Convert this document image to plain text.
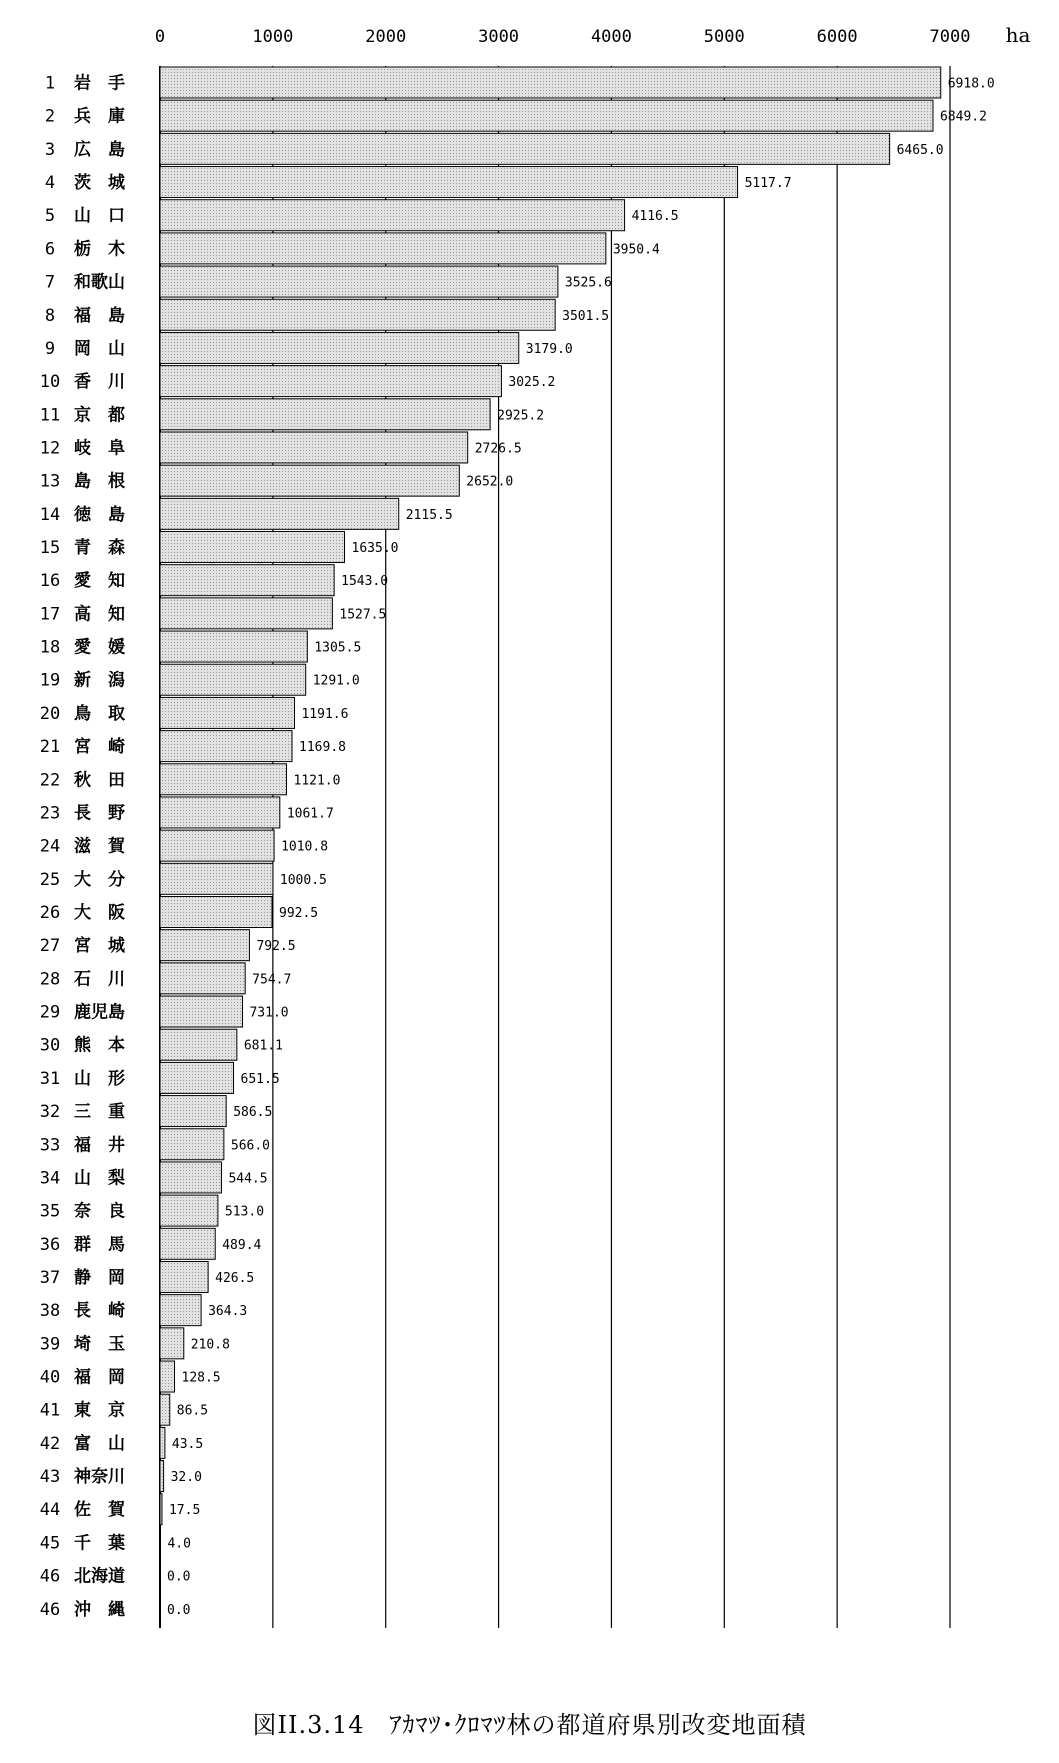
0	1000	2000	3000	4000	5000	6000	7000 ha
1 岩　手	6918.0
2 兵　庫	6849.2
3 広　島	6465.0
4 茨　城	5117.7
5 山　口	4116.5
6 栃　木	3950.4
7 和歌山	3525.6
8 福　島	3501.5
9 岡　山	3179.0
10 香　川	3025.2
11 京　都	2925.2
12 岐　阜	2726.5
13 島　根	2652.0
14 徳　島	2115.5
15 青　森	1635.0
16 愛　知	1543.0
17 高　知	1527.5
18 愛　媛	1305.5
19 新　潟	1291.0
20 鳥　取	1191.6
21 宮　崎	1169.8
22 秋　田	1121.0
23 長　野	1061.7
24 滋　賀	1010.8
25 大　分	1000.5
26 大　阪	992.5
27 宮　城	792.5
28 石　川	754.7
29 鹿児島	731.0
30 熊　本	681.1
31 山　形	651.5
32 三　重	586.5
33 福　井	566.0
34 山　梨	544.5
35 奈　良	513.0
36 群　馬	489.4
37 静　岡	426.5
38 長　崎	364.3
39 埼　玉	210.8
40 福　岡	128.5
41 東　京	86.5
42 富　山	43.5
43 神奈川	32.0
44 佐　賀	17.5
45 千　葉	4.0
46 北海道	0.0
46 沖　縄	0.0
図II.3.14　ｱｶﾏﾂ･ｸﾛﾏﾂ林の都道府県別改変地面積
